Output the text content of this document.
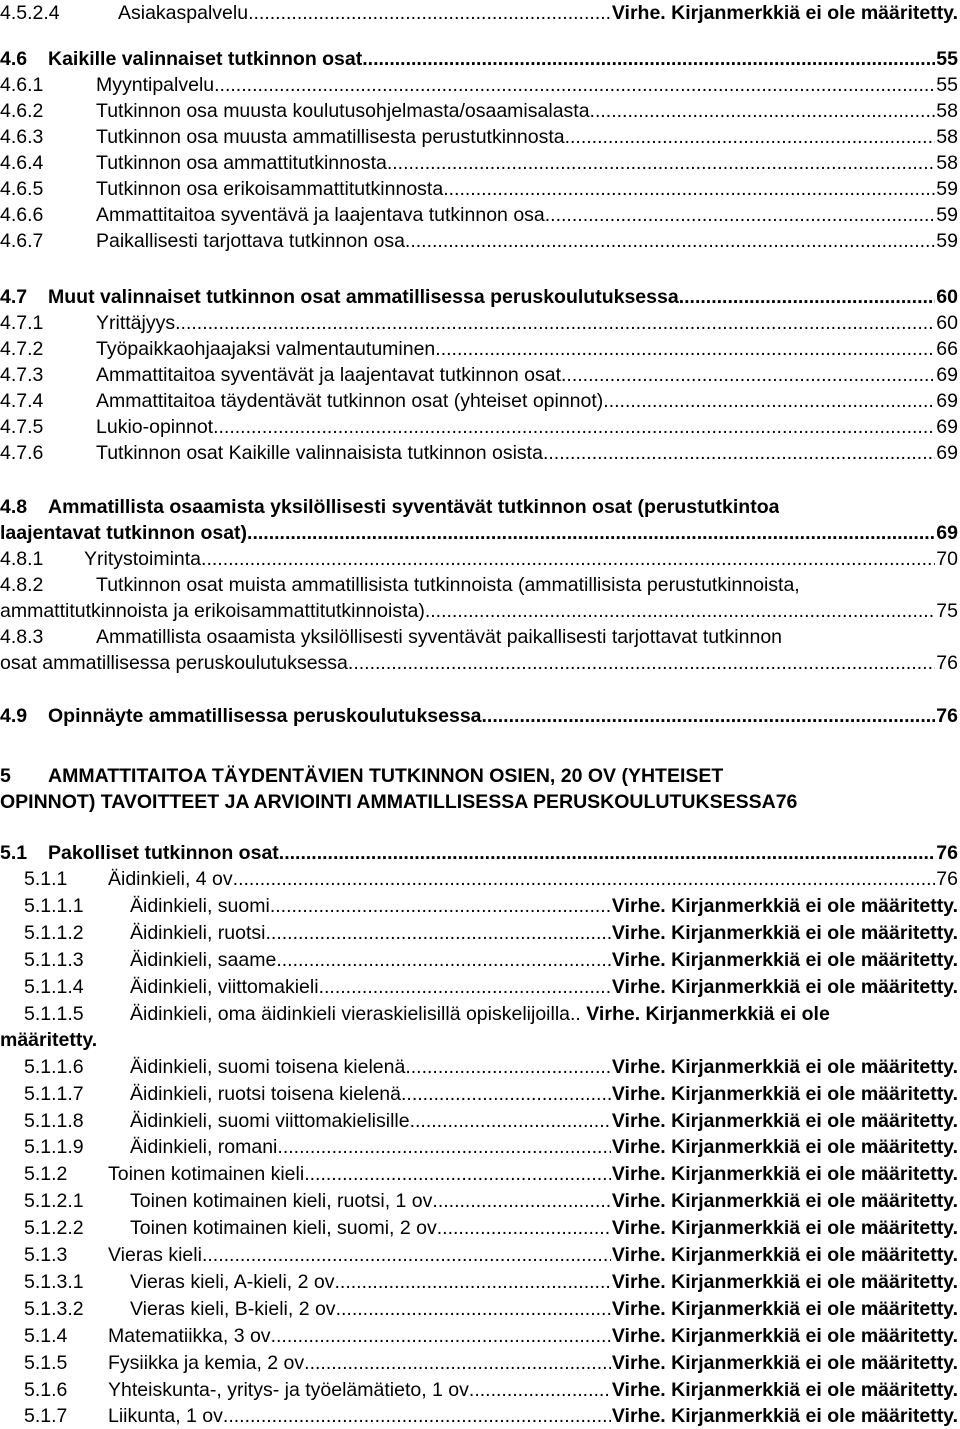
4.5.2.4	Asiakaspalvelu .....	Virhe. Kirjanmerkkiä ei ole määritetty.
4.6 Kaikille valinnaiset tutkinnon osat .....	55
4.6.1	Myyntipalvelu .....	55
4.6.2	Tutkinnon osa muusta koulutusohjelmasta/osaamisalasta .....	58
4.6.3	Tutkinnon osa muusta ammatillisesta perustutkinnosta .....	58
4.6.4	Tutkinnon osa ammattitutkinnosta .....	58
4.6.5	Tutkinnon osa erikoisammattitutkinnosta .....	59
4.6.6	Ammattitaitoa syventävä ja laajentava tutkinnon osa .....	59
4.6.7	Paikallisesti tarjottava tutkinnon osa .....	59
4.7 Muut valinnaiset tutkinnon osat ammatillisessa peruskoulutuksessa .....	60
4.7.1	Yrittäjyys .....	60
4.7.2	Työpaikkaohjaajaksi valmentautuminen .....	66
4.7.3	Ammattitaitoa syventävät ja laajentavat tutkinnon osat .....	69
4.7.4	Ammattitaitoa täydentävät tutkinnon osat (yhteiset opinnot) .....	69
4.7.5	Lukio-opinnot .....	69
4.7.6	Tutkinnon osat Kaikille valinnaisista tutkinnon osista .....	69
4.8 Ammatillista osaamista yksilöllisesti syventävät tutkinnon osat (perustutkintoa
laajentavat tutkinnon osat) .....	69
4.8.1 Yritystoiminta .....	70
4.8.2	Tutkinnon osat muista ammatillisista tutkinnoista (ammatillisista perustutkinnoista,
ammattitutkinnoista ja erikoisammattitutkinnoista) .....	75
4.8.3	Ammatillista osaamista yksilöllisesti syventävät paikallisesti tarjottavat tutkinnon
osat ammatillisessa peruskoulutuksessa .....	76
4.9 Opinnäyte ammatillisessa peruskoulutuksessa .....	76
5 AMMATTITAITOA TÄYDENTÄVIEN TUTKINNON OSIEN, 20 OV (YHTEISET
OPINNOT) TAVOITTEET JA ARVIOINTI AMMATILLISESSA PERUSKOULUTUKSESSA76
5.1 Pakolliset tutkinnon osat .....	76
5.1.1 Äidinkielі, 4 ov .....	76
5.1.1.1 Äidinkieli, suomi .....	Virhe. Kirjanmerkkiä ei ole määritetty.
5.1.1.2 Äidinkieli, ruotsi .....	Virhe. Kirjanmerkkiä ei ole määritetty.
5.1.1.3 Äidinkieli, saame .....	Virhe. Kirjanmerkkiä ei ole määritetty.
5.1.1.4 Äidinkieli, viittomakieli .....	Virhe. Kirjanmerkkiä ei ole määritetty.
5.1.1.5 Äidinkieli, oma äidinkieli vieraskielisillä opiskelijoilla.. Virhe. Kirjanmerkkiä ei ole
määritetty.
5.1.1.6 Äidinkieli, suomi toisena kielenä .....	Virhe. Kirjanmerkkiä ei ole määritetty.
5.1.1.7 Äidinkieli, ruotsi toisena kielenä .....	Virhe. Kirjanmerkkiä ei ole määritetty.
5.1.1.8 Äidinkieli, suomi viittomakielisille .....	Virhe. Kirjanmerkkiä ei ole määritetty.
5.1.1.9 Äidinkieli, romani .....	Virhe. Kirjanmerkkiä ei ole määritetty.
5.1.2 Toinen kotimainen kieli .....	Virhe. Kirjanmerkkiä ei ole määritetty.
5.1.2.1 Toinen kotimainen kieli, ruotsi, 1 ov .....	Virhe. Kirjanmerkkiä ei ole määritetty.
5.1.2.2 Toinen kotimainen kieli, suomi, 2 ov .....	Virhe. Kirjanmerkkiä ei ole määritetty.
5.1.3 Vieras kieli .....	Virhe. Kirjanmerkkiä ei ole määritetty.
5.1.3.1 Vieras kieli, A-kieli, 2 ov .....	Virhe. Kirjanmerkkiä ei ole määritetty.
5.1.3.2 Vieras kieli, B-kieli, 2 ov .....	Virhe. Kirjanmerkkiä ei ole määritetty.
5.1.4 Matematiikka, 3 ov .....	Virhe. Kirjanmerkkiä ei ole määritetty.
5.1.5 Fysiikka ja kemia, 2 ov .....	Virhe. Kirjanmerkkiä ei ole määritetty.
5.1.6 Yhteiskunta-, yritys- ja työelämätieto, 1 ov .....	Virhe. Kirjanmerkkiä ei ole määritetty.
5.1.7 Liikunta, 1 ov .....	Virhe. Kirjanmerkkiä ei ole määritetty.
